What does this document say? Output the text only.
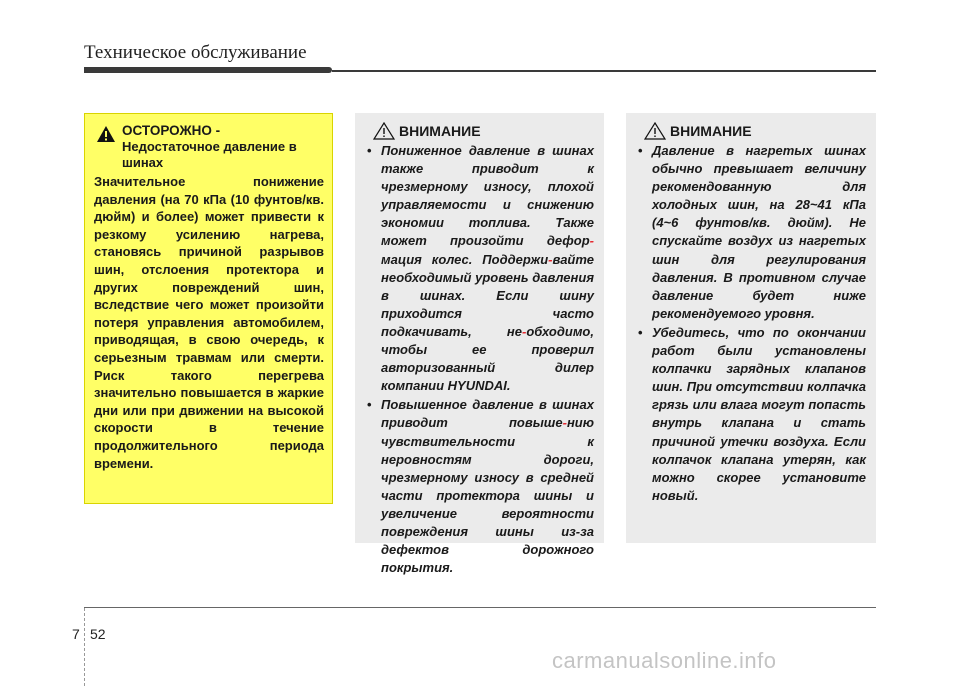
Техническое обслуживание
ОСТОРОЖНО -
Недостаточное давление в шинах
Значительное понижение давления (на 70 кПа (10 фунтов/кв. дюйм) и более) может привести к резкому усилению нагрева, становясь причиной разрывов шин, отслоения протектора и других повреждений шин, вследствие чего может произойти потеря управления автомобилем, приводящая, в свою очередь, к серьезным травмам или смерти. Риск такого перегрева значительно повышается в жаркие дни или при движении на высокой скорости в течение продолжительного периода времени.
ВНИМАНИЕ
• Пониженное давление в шинах также приводит к чрезмерному износу, плохой управляемости и снижению экономии топлива. Также может произойти дефор-мация колес. Поддержи-вайте необходимый уровень давления в шинах. Если шину приходится часто подкачивать, не-обходимо, чтобы ее проверил авторизованный дилер компании HYUNDAI.
• Повышенное давление в шинах приводит повыше-нию чувствительности к неровностям дороги, чрезмерному износу в средней части протектора шины и увеличение вероятности повреждения шины из-за дефектов дорожного покрытия.
ВНИМАНИЕ
• Давление в нагретых шинах обычно превышает величину рекомендованную для холодных шин, на 28~41 кПа (4~6 фунтов/кв. дюйм). Не спускайте воздух из нагретых шин для регулирования давления. В противном случае давление будет ниже рекомендуемого уровня.
• Убедитесь, что по окончании работ были установлены колпачки зарядных клапанов шин. При отсутствии колпачка грязь или влага могут попасть внутрь клапана и стать причиной утечки воздуха. Если колпачок клапана утерян, как можно скорее установите новый.
7 52
carmanualsonline.info
